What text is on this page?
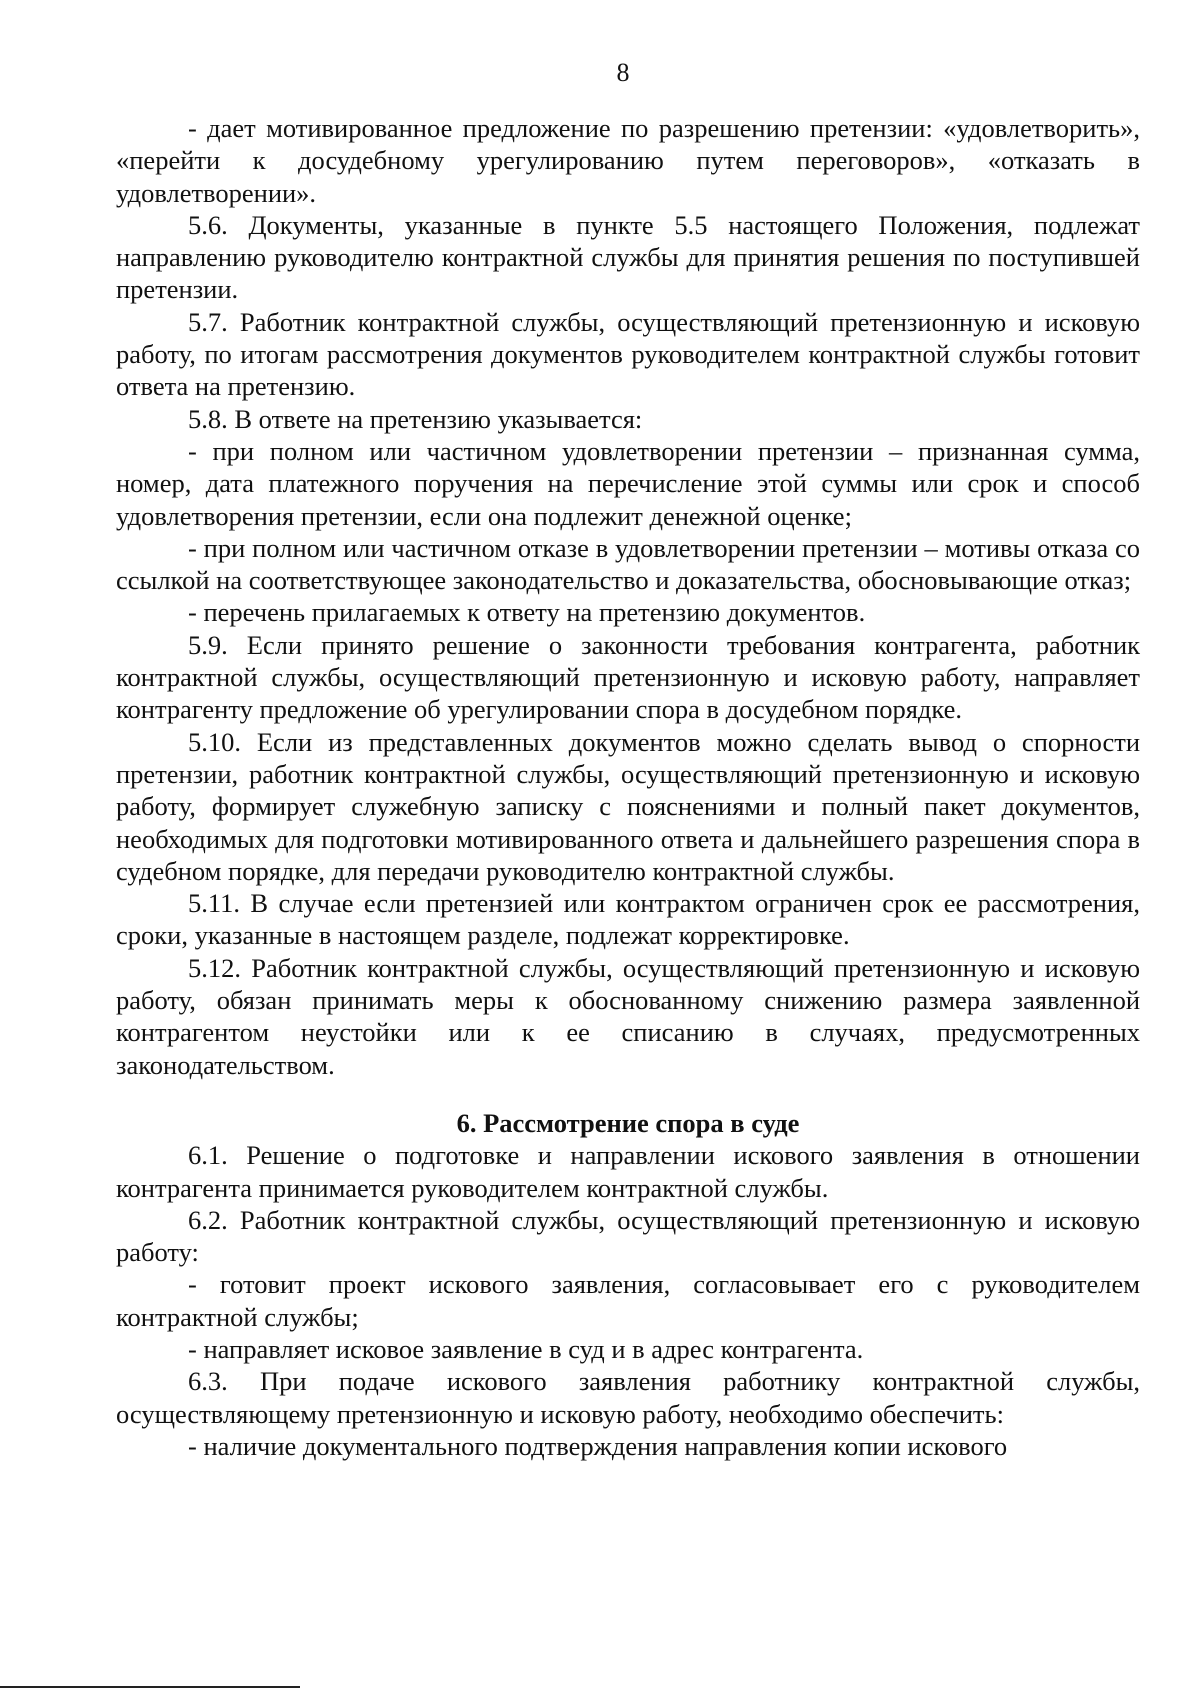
8

- дает мотивированное предложение по разрешению претензии: «удовлетворить», «перейти к досудебному урегулированию путем переговоров», «отказать в удовлетворении».

5.6. Документы, указанные в пункте 5.5 настоящего Положения, подлежат направлению руководителю контрактной службы для принятия решения по поступившей претензии.

5.7. Работник контрактной службы, осуществляющий претензионную и исковую работу, по итогам рассмотрения документов руководителем контрактной службы готовит ответа на претензию.

5.8. В ответе на претензию указывается:

- при полном или частичном удовлетворении претензии – признанная сумма, номер, дата платежного поручения на перечисление этой суммы или срок и способ удовлетворения претензии, если она подлежит денежной оценке;

- при полном или частичном отказе в удовлетворении претензии – мотивы отказа со ссылкой на соответствующее законодательство и доказательства, обосновывающие отказ;

- перечень прилагаемых к ответу на претензию документов.

5.9. Если принято решение о законности требования контрагента, работник контрактной службы, осуществляющий претензионную и исковую работу, направляет контрагенту предложение об урегулировании спора в досудебном порядке.

5.10. Если из представленных документов можно сделать вывод о спорности претензии, работник контрактной службы, осуществляющий претензионную и исковую работу, формирует служебную записку с пояснениями и полный пакет документов, необходимых для подготовки мотивированного ответа и дальнейшего разрешения спора в судебном порядке, для передачи руководителю контрактной службы.

5.11. В случае если претензией или контрактом ограничен срок ее рассмотрения, сроки, указанные в настоящем разделе, подлежат корректировке.

5.12. Работник контрактной службы, осуществляющий претензионную и исковую работу, обязан принимать меры к обоснованному снижению размера заявленной контрагентом неустойки или к ее списанию в случаях, предусмотренных законодательством.

6. Рассмотрение спора в суде

6.1. Решение о подготовке и направлении искового заявления в отношении контрагента принимается руководителем контрактной службы.

6.2. Работник контрактной службы, осуществляющий претензионную и исковую работу:

- готовит проект искового заявления, согласовывает его с руководителем контрактной службы;

- направляет исковое заявление в суд и в адрес контрагента.

6.3. При подаче искового заявления работнику контрактной службы, осуществляющему претензионную и исковую работу, необходимо обеспечить:

- наличие документального подтверждения направления копии искового
